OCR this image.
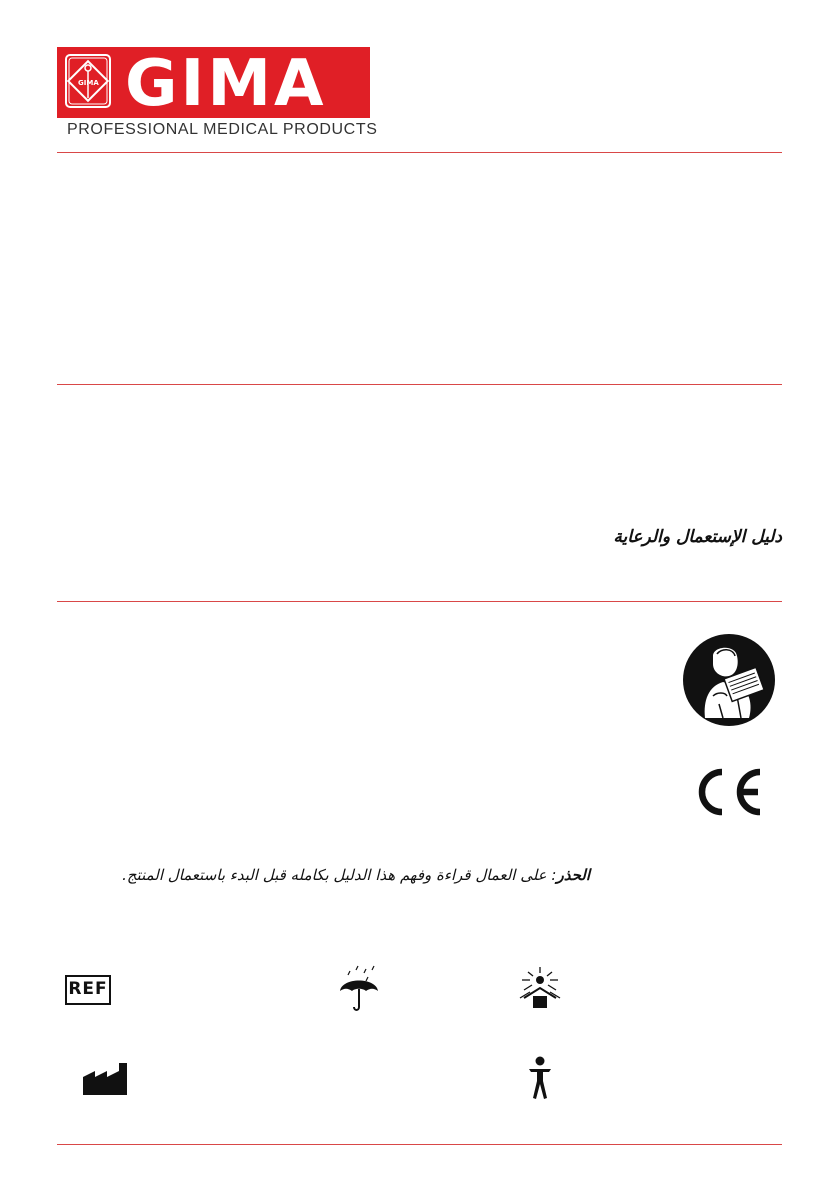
GIMA GIMA
PROFESSIONAL MEDICAL PRODUCTS
دليل الإستعمال والرعاية
CE
الحذر: على العمال قراءة وفهم هذا الدليل بكامله قبل البدء باستعمال المنتج.
REF
